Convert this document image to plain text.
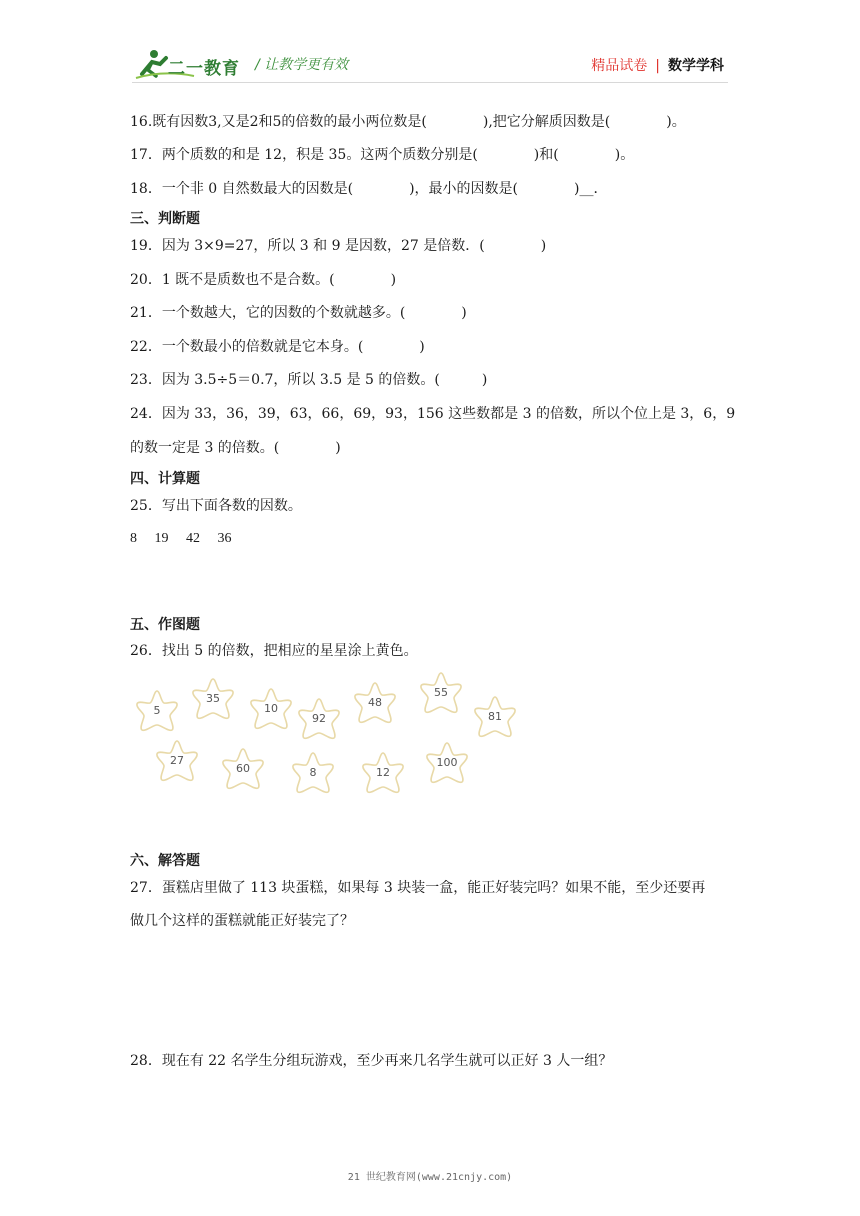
二一教育 / 让教学更有效	精品试卷 | 数学学科
16.既有因数3,又是2和5的倍数的最小两位数是(　　　　),把它分解质因数是(　　　　)。
17．两个质数的和是 12，积是 35。这两个质数分别是(　　　　)和(　　　　)。
18．一个非 0 自然数最大的因数是(　　　　)，最小的因数是(　　　　)__．
三、判断题
19．因为 3×9=27，所以 3 和 9 是因数，27 是倍数．(　　　　)
20．1 既不是质数也不是合数。(　　　　)
21．一个数越大，它的因数的个数就越多。(　　　　)
22．一个数最小的倍数就是它本身。(　　　　)
23．因为 3.5÷5＝0.7，所以 3.5 是 5 的倍数。(　　　)
24．因为 33，36，39，63，66，69，93，156 这些数都是 3 的倍数，所以个位上是 3，6，9
的数一定是 3 的倍数。(　　　　)
四、计算题
25．写出下面各数的因数。
8　 19　 42　 36
五、作图题
26．找出 5 的倍数，把相应的星星涂上黄色。
5
35
10
92
48
55
81
27
60	8	12
100
六、解答题
27．蛋糕店里做了 113 块蛋糕，如果每 3 块装一盒，能正好装完吗？如果不能，至少还要再
做几个这样的蛋糕就能正好装完了？
28．现在有 22 名学生分组玩游戏，至少再来几名学生就可以正好 3 人一组？
21 世纪教育网(www.21cnjy.com)
